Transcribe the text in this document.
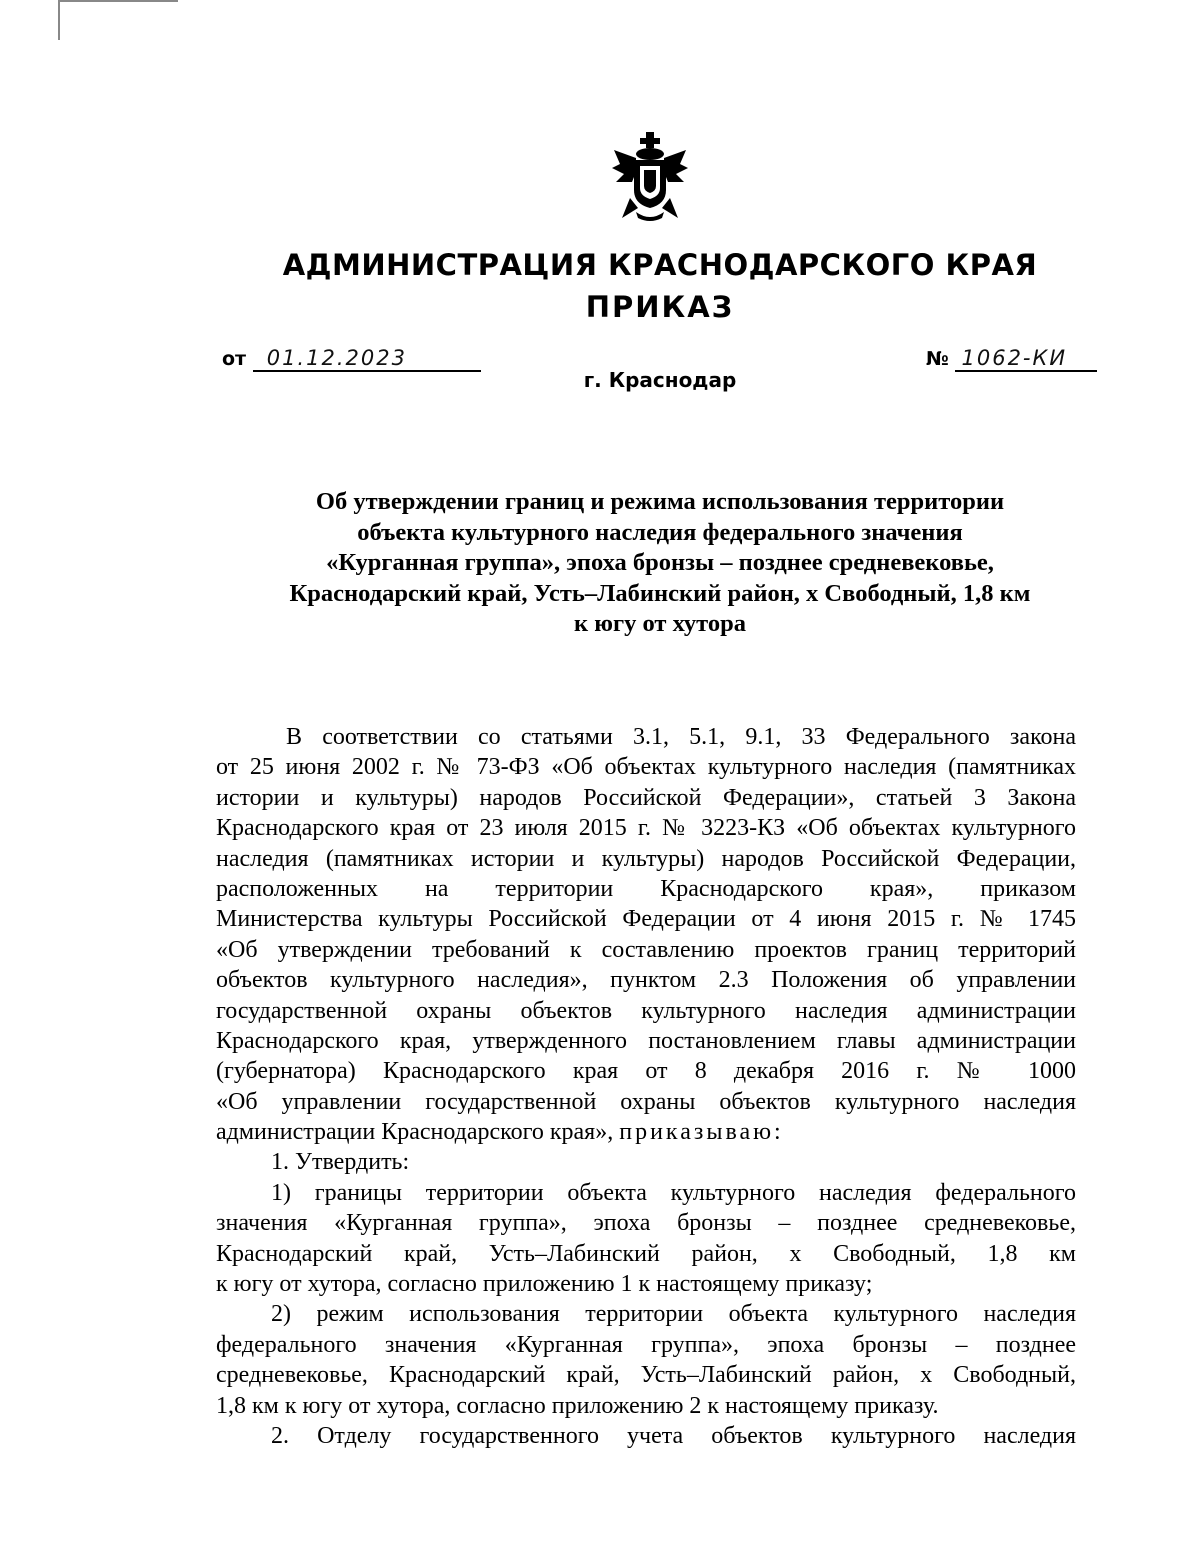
АДМИНИСТРАЦИЯ КРАСНОДАРСКОГО КРАЯ
ПРИКАЗ
от 01.12.2023	№ 1062-КИ
г. Краснодар
Об утверждении границ и режима использования территории
объекта культурного наследия федерального значения
«Курганная группа», эпоха бронзы – позднее средневековье,
Краснодарский край, Усть–Лабинский район, х Свободный, 1,8 км
к югу от хутора
В соответствии со статьями 3.1, 5.1, 9.1, 33 Федерального закона
от 25 июня 2002 г. № 73-ФЗ «Об объектах культурного наследия (памятниках
истории и культуры) народов Российской Федерации», статьей 3 Закона
Краснодарского края от 23 июля 2015 г. № 3223-КЗ «Об объектах культурного
наследия (памятниках истории и культуры) народов Российской Федерации,
расположенных на территории Краснодарского края», приказом
Министерства культуры Российской Федерации от 4 июня 2015 г. № 1745
«Об утверждении требований к составлению проектов границ территорий
объектов культурного наследия», пунктом 2.3 Положения об управлении
государственной охраны объектов культурного наследия администрации
Краснодарского края, утвержденного постановлением главы администрации
(губернатора) Краснодарского края от 8 декабря 2016 г. № 1000
«Об управлении государственной охраны объектов культурного наследия
администрации Краснодарского края», приказываю:
1. Утвердить:
1) границы территории объекта культурного наследия федерального
значения «Курганная группа», эпоха бронзы – позднее средневековье,
Краснодарский край, Усть–Лабинский район, х Свободный, 1,8 км
к югу от хутора, согласно приложению 1 к настоящему приказу;
2) режим использования территории объекта культурного наследия
федерального значения «Курганная группа», эпоха бронзы – позднее
средневековье, Краснодарский край, Усть–Лабинский район, х Свободный,
1,8 км к югу от хутора, согласно приложению 2 к настоящему приказу.
2. Отделу государственного учета объектов культурного наследия
